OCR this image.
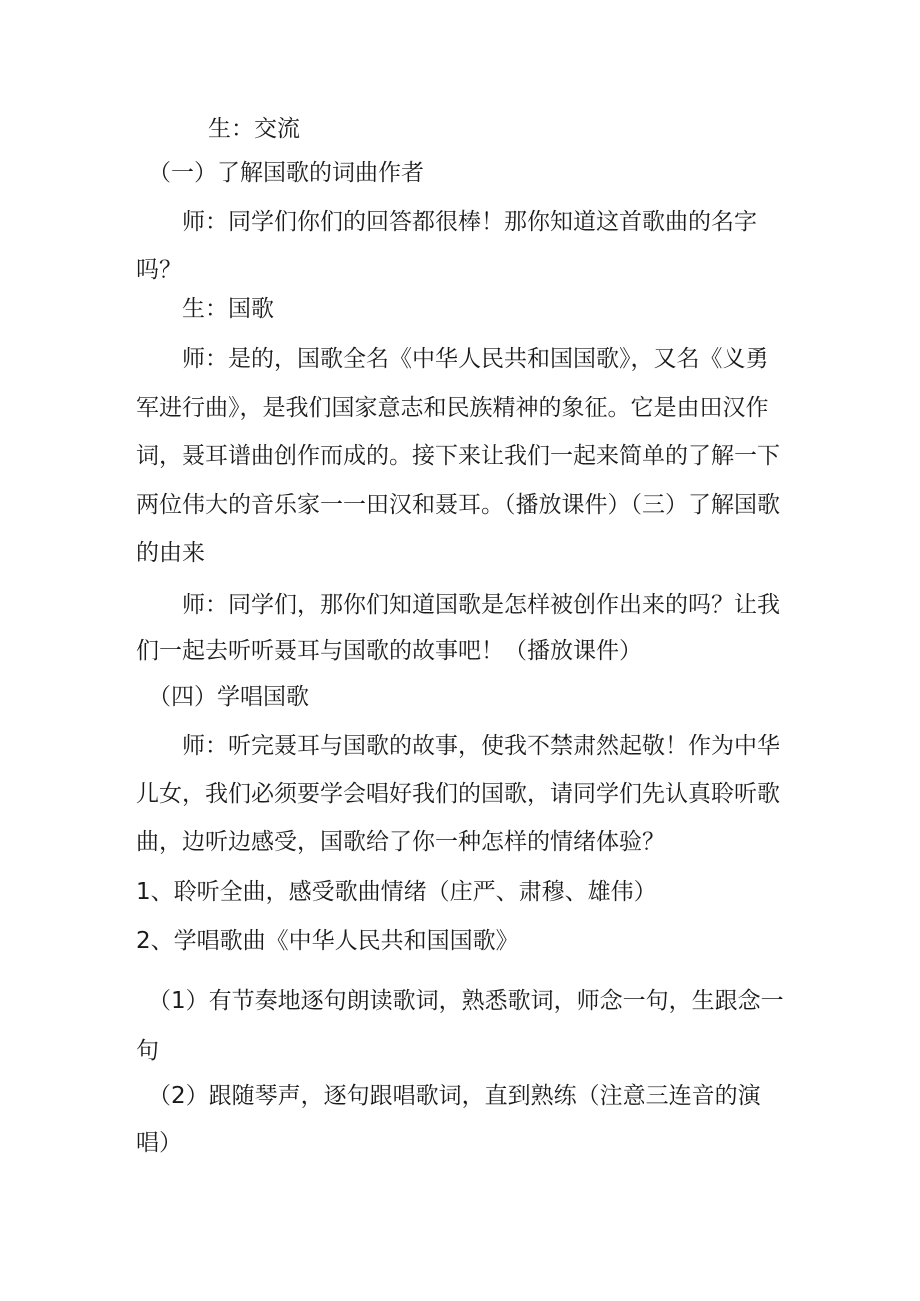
生：交流

（一）了解国歌的词曲作者

师：同学们你们的回答都很棒！那你知道这首歌曲的名字吗？

生：国歌

师：是的，国歌全名《中华人民共和国国歌》，又名《义勇军进行曲》，是我们国家意志和民族精神的象征。它是由田汉作词，聂耳谱曲创作而成的。接下来让我们一起来简单的了解一下两位伟大的音乐家一一田汉和聂耳。（播放课件）（三）了解国歌的由来

师：同学们，那你们知道国歌是怎样被创作出来的吗？让我们一起去听听聂耳与国歌的故事吧！（播放课件）

（四）学唱国歌

师：听完聂耳与国歌的故事，使我不禁肃然起敬！作为中华儿女，我们必须要学会唱好我们的国歌，请同学们先认真聆听歌曲，边听边感受，国歌给了你一种怎样的情绪体验？

1、聆听全曲，感受歌曲情绪（庄严、肃穆、雄伟）

2、学唱歌曲《中华人民共和国国歌》

（1）有节奏地逐句朗读歌词，熟悉歌词，师念一句，生跟念一句

（2）跟随琴声，逐句跟唱歌词，直到熟练（注意三连音的演唱）
